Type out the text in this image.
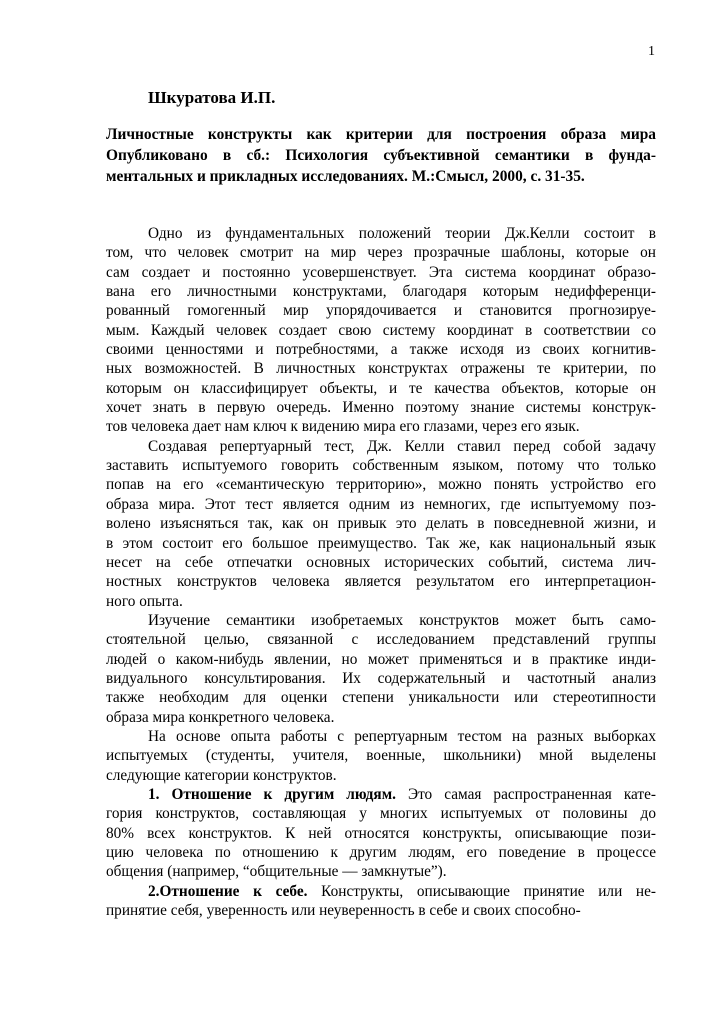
1
Шкуратова И.П.
Личностные конструкты как критерии для построения образа мира
Опубликовано в сб.: Психология субъективной семантики в фунда-
ментальных и прикладных исследованиях. М.:Смысл, 2000, с. 31-35.
Одно из фундаментальных положений теории Дж.Келли состоит в
том, что человек смотрит на мир через прозрачные шаблоны, которые он
сам создает и постоянно усовершенствует. Эта система координат образо-
вана его личностными конструктами, благодаря которым недифференци-
рованный гомогенный мир упорядочивается и становится прогнозируе-
мым. Каждый человек создает свою систему координат в соответствии со
своими ценностями и потребностями, а также исходя из своих когнитив-
ных возможностей. В личностных конструктах отражены те критерии, по
которым он классифицирует объекты, и те качества объектов, которые он
хочет знать в первую очередь. Именно поэтому знание системы конструк-
тов человека дает нам ключ к видению мира его глазами, через его язык.
Создавая репертуарный тест, Дж. Келли ставил перед собой задачу
заставить испытуемого говорить собственным языком, потому что только
попав на его «семантическую территорию», можно понять устройство его
образа мира. Этот тест является одним из немногих, где испытуемому поз-
волено изъясняться так, как он привык это делать в повседневной жизни, и
в этом состоит его большое преимущество. Так же, как национальный язык
несет на себе отпечатки основных исторических событий, система лич-
ностных конструктов человека является результатом его интерпретацион-
ного опыта.
Изучение семантики изобретаемых конструктов может быть само-
стоятельной целью, связанной с исследованием представлений группы
людей о каком-нибудь явлении, но может применяться и в практике инди-
видуального консультирования. Их содержательный и частотный анализ
также необходим для оценки степени уникальности или стереотипности
образа мира конкретного человека.
На основе опыта работы с репертуарным тестом на разных выборках
испытуемых (студенты, учителя, военные, школьники) мной выделены
следующие категории конструктов.
1. Отношение к другим людям. Это самая распространенная кате-
гория конструктов, составляющая у многих испытуемых от половины до
80% всех конструктов. К ней относятся конструкты, описывающие пози-
цию человека по отношению к другим людям, его поведение в процессе
общения (например, “общительные — замкнутые”).
2.Отношение к себе. Конструкты, описывающие принятие или не-
принятие себя, уверенность или неуверенность в себе и своих способно-
